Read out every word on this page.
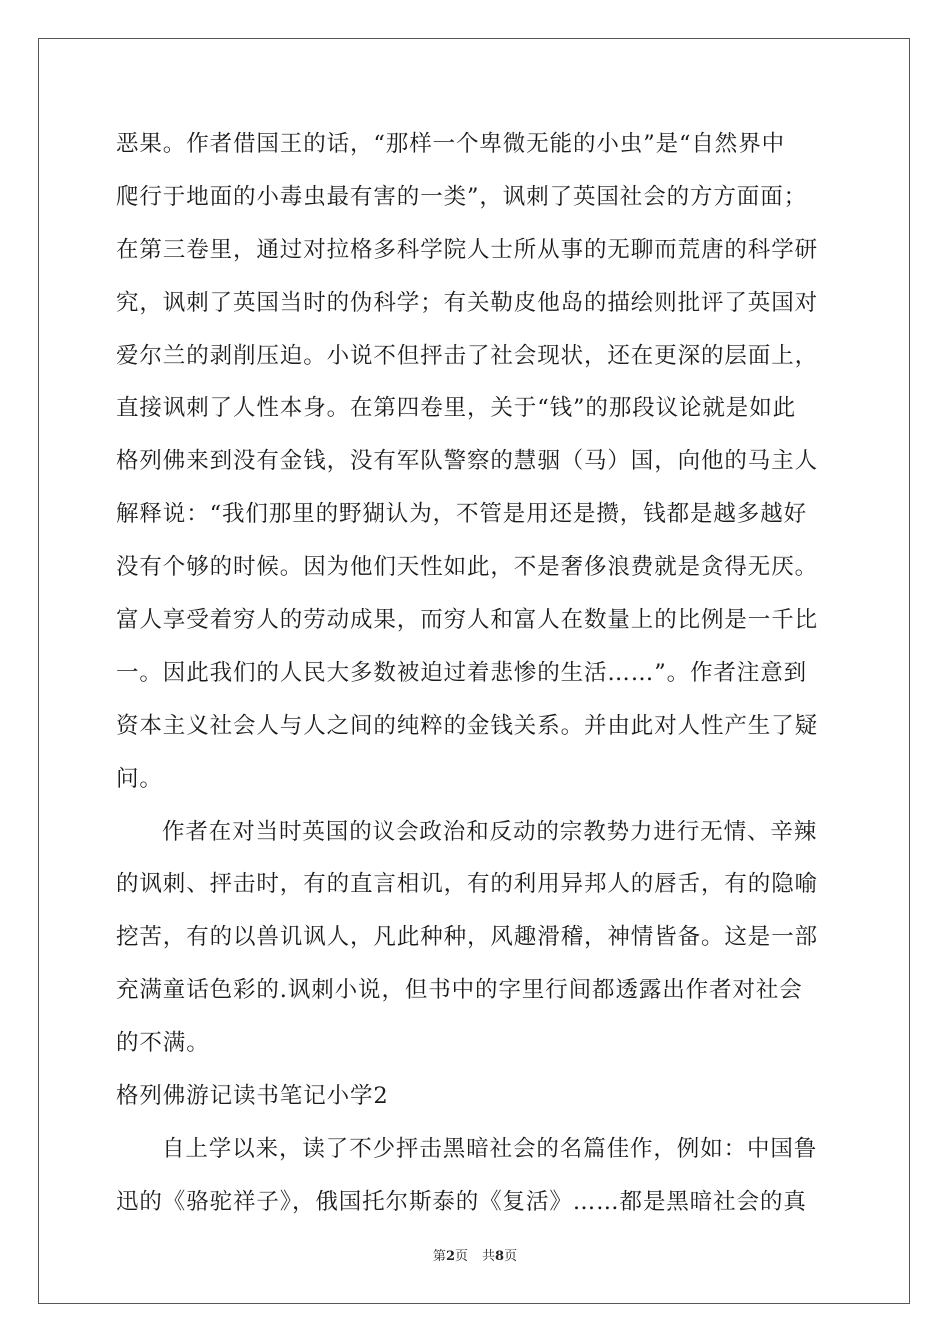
恶果。作者借国王的话，“那样一个卑微无能的小虫”是“自然界中
爬行于地面的小毒虫最有害的一类”，讽刺了英国社会的方方面面；
在第三卷里，通过对拉格多科学院人士所从事的无聊而荒唐的科学研
究，讽刺了英国当时的伪科学；有关勒皮他岛的描绘则批评了英国对
爱尔兰的剥削压迫。小说不但抨击了社会现状，还在更深的层面上，
直接讽刺了人性本身。在第四卷里，关于“钱”的那段议论就是如此
格列佛来到没有金钱，没有军队警察的慧骃（马）国，向他的马主人
解释说：“我们那里的野猢认为，不管是用还是攒，钱都是越多越好
没有个够的时候。因为他们天性如此，不是奢侈浪费就是贪得无厌。
富人享受着穷人的劳动成果，而穷人和富人在数量上的比例是一千比
一。因此我们的人民大多数被迫过着悲惨的生活……”。作者注意到
资本主义社会人与人之间的纯粹的金钱关系。并由此对人性产生了疑
问。
作者在对当时英国的议会政治和反动的宗教势力进行无情、辛辣
的讽刺、抨击时，有的直言相讥，有的利用异邦人的唇舌，有的隐喻
挖苦，有的以兽讥讽人，凡此种种，风趣滑稽，神情皆备。这是一部
充满童话色彩的.讽刺小说，但书中的字里行间都透露出作者对社会
的不满。
格列佛游记读书笔记小学2
自上学以来，读了不少抨击黑暗社会的名篇佳作，例如：中国鲁
迅的《骆驼祥子》，俄国托尔斯泰的《复活》……都是黑暗社会的真
第2页 共8页
